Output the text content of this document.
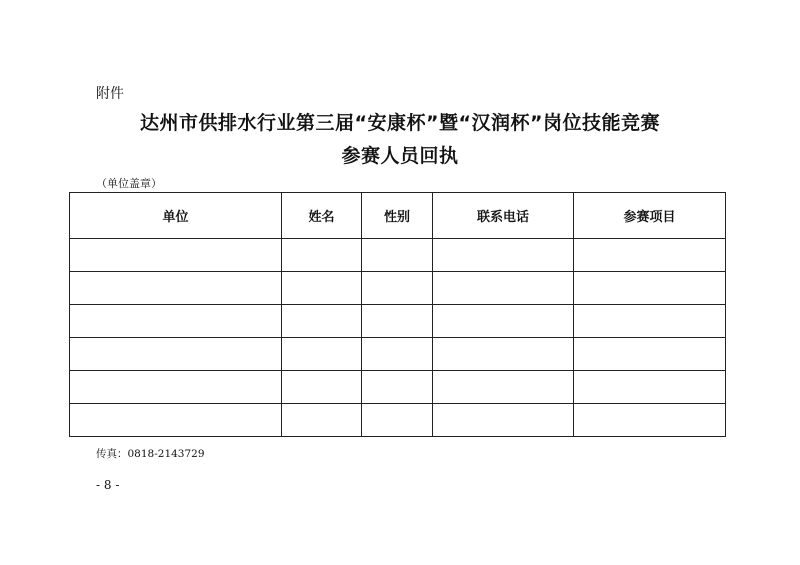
附件
达州市供排水行业第三届“安康杯”暨“汉润杯”岗位技能竞赛
参赛人员回执
（单位盖章）
单位	姓名	性别	联系电话	参赛项目

传真：0818-2143729
- 8 -
